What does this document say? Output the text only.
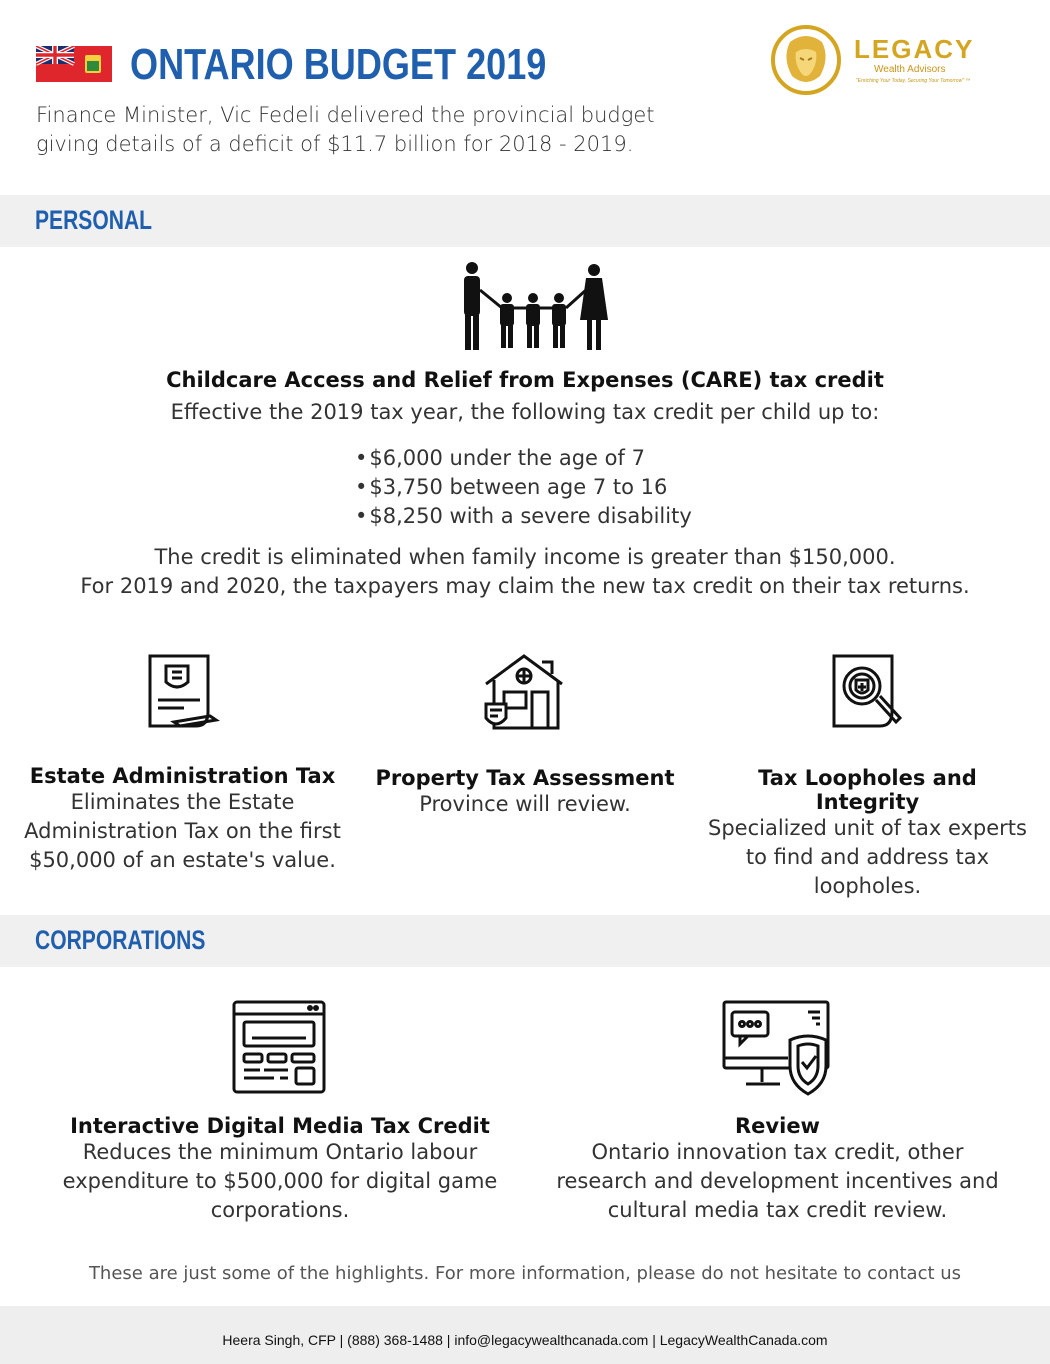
ONTARIO BUDGET 2019
Finance Minister, Vic Fedeli delivered the provincial budget giving details of a deficit of $11.7 billion for 2018 - 2019.
LEGACY
Wealth Advisors
"Enriching Your Today, Securing Your Tomorrow" ™
PERSONAL
Childcare Access and Relief from Expenses (CARE) tax credit
Effective the 2019 tax year, the following tax credit per child up to:
• $6,000 under the age of 7
• $3,750 between age 7 to 16
• $8,250 with a severe disability
The credit is eliminated when family income is greater than $150,000.
For 2019 and 2020, the taxpayers may claim the new tax credit on their tax returns.
Estate Administration Tax
Eliminates the Estate Administration Tax on the first $50,000 of an estate's value.
Property Tax Assessment
Province will review.
Tax Loopholes and Integrity
Specialized unit of tax experts to find and address tax loopholes.
CORPORATIONS
Interactive Digital Media Tax Credit
Reduces the minimum Ontario labour expenditure to $500,000 for digital game corporations.
Review
Ontario innovation tax credit, other research and development incentives and cultural media tax credit review.
These are just some of the highlights. For more information, please do not hesitate to contact us
Heera Singh, CFP | (888) 368-1488 | info@legacywealthcanada.com | LegacyWealthCanada.com
